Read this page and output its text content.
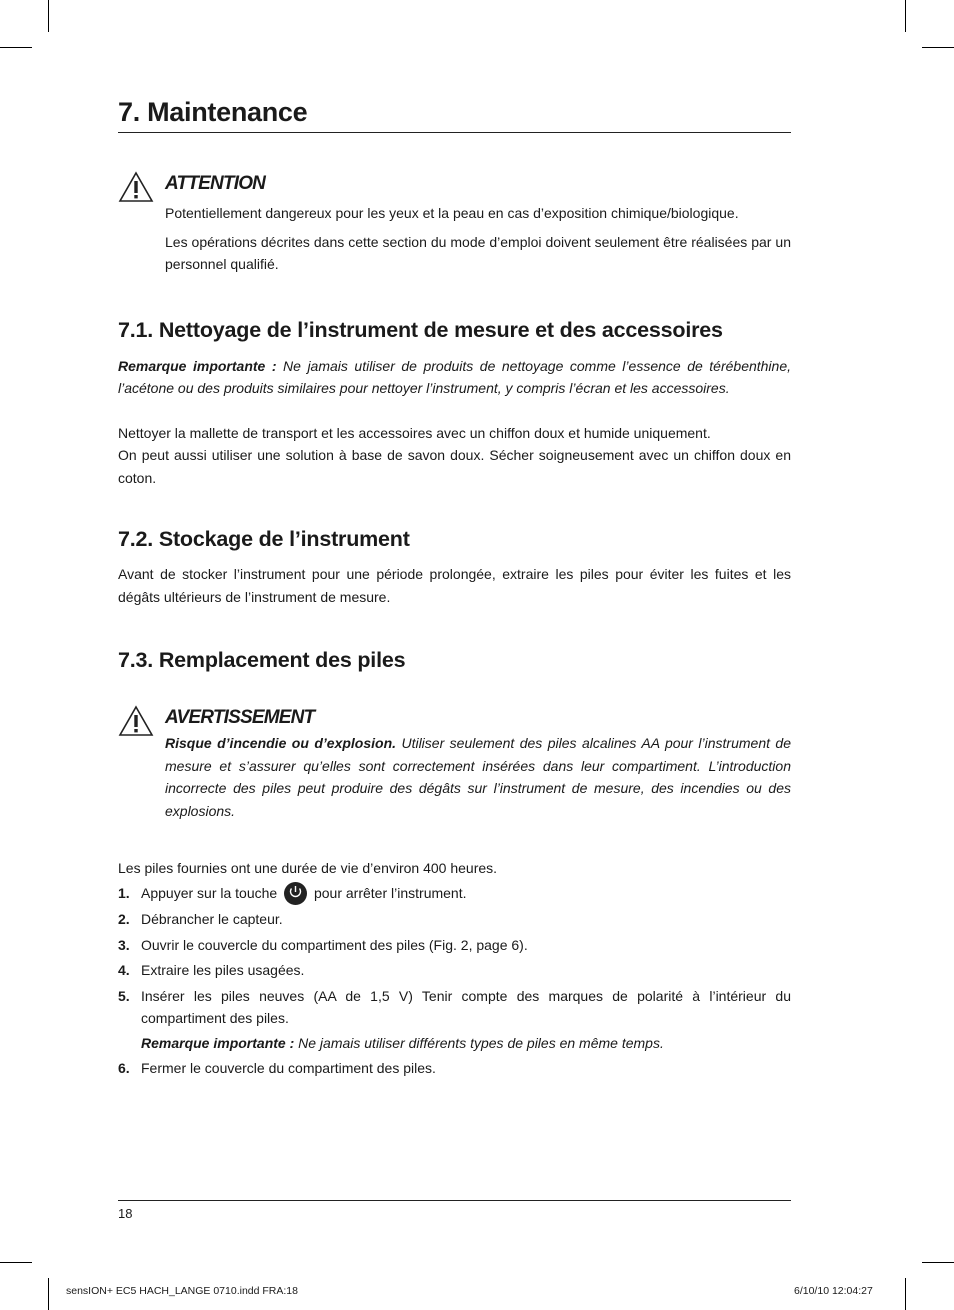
7. Maintenance
ATTENTION

Potentiellement dangereux pour les yeux et la peau en cas d’exposition chimique/biologique.

Les opérations décrites dans cette section du mode d’emploi doivent seulement être réalisées par un personnel qualifié.

7.1. Nettoyage de l’instrument de mesure et des accessoires

Remarque importante : Ne jamais utiliser de produits de nettoyage comme l’essence de térébenthine, l’acétone ou des produits similaires pour nettoyer l’instrument, y compris l’écran et les accessoires.

Nettoyer la mallette de transport et les accessoires avec un chiffon doux et humide uniquement.

On peut aussi utiliser une solution à base de savon doux. Sécher soigneusement avec un chiffon doux en coton.

7.2. Stockage de l’instrument

Avant de stocker l’instrument pour une période prolongée, extraire les piles pour éviter les fuites et les dégâts ultérieurs de l’instrument de mesure.

7.3. Remplacement des piles
AVERTISSEMENT

Risque d’incendie ou d’explosion. Utiliser seulement des piles alcalines AA pour l’instrument de mesure et s’assurer qu’elles sont correctement insérées dans leur compartiment. L’introduction incorrecte des piles peut produire des dégâts sur l’instrument de mesure, des incendies ou des explosions.

Les piles fournies ont une durée de vie d’environ 400 heures.

1. Appuyer sur la touche	pour arrêter l’instrument.
2. Débrancher le capteur.
3. Ouvrir le couvercle du compartiment des piles (Fig. 2, page 6).
4. Extraire les piles usagées.
5. Insérer les piles neuves (AA de 1,5 V) Tenir compte des marques de polarité à l’intérieur du compartiment des piles.
Remarque importante : Ne jamais utiliser différents types de piles en même temps.
6. Fermer le couvercle du compartiment des piles.
18
sensION+ EC5 HACH_LANGE 0710.indd FRA:18	6/10/10 12:04:27
